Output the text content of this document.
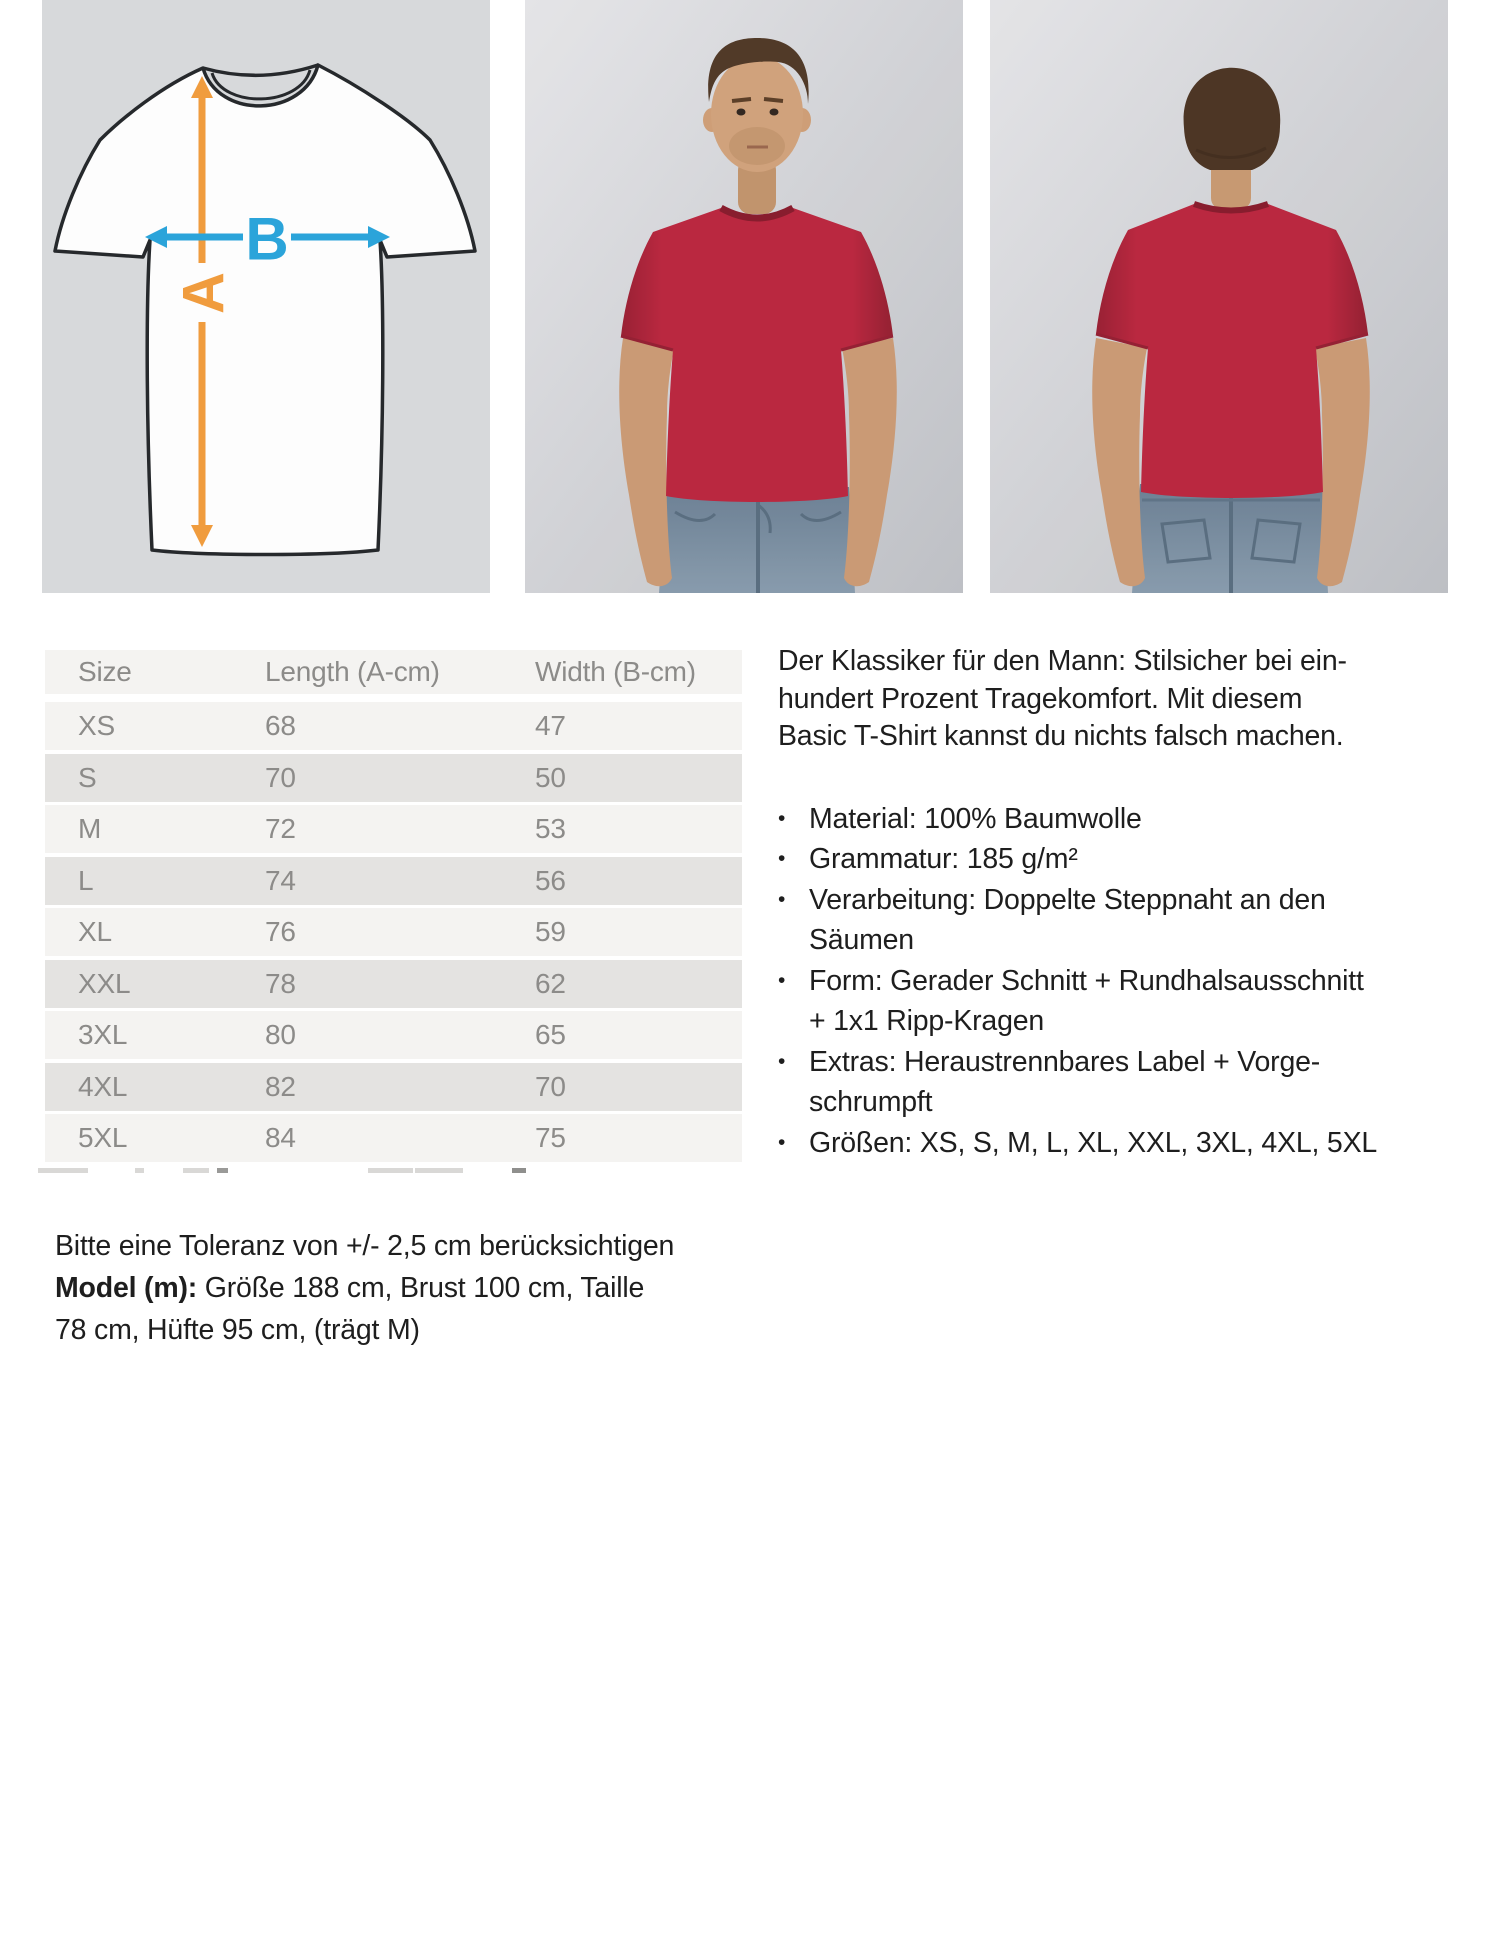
A
B
Size	Length (A-cm)	Width (B-cm)
XS	68	47
S	70	50
M	72	53
L	74	56
XL	76	59
XXL	78	62
3XL	80	65
4XL	82	70
5XL	84	75
Bitte eine Toleranz von +/- 2,5 cm berücksichtigen
Model (m): Größe 188 cm, Brust 100 cm, Taille
78 cm, Hüfte 95 cm, (trägt M)
Der Klassiker für den Mann: Stilsicher bei ein-
hundert Prozent Tragekomfort. Mit diesem
Basic T-Shirt kannst du nichts falsch machen.
• Material: 100% Baumwolle
• Grammatur: 185 g/m²
• Verarbeitung: Doppelte Steppnaht an den
Säumen
• Form: Gerader Schnitt + Rundhalsausschnitt
+ 1x1 Ripp-Kragen
• Extras: Heraustrennbares Label + Vorge-
schrumpft
• Größen: XS, S, M, L, XL, XXL, 3XL, 4XL, 5XL
